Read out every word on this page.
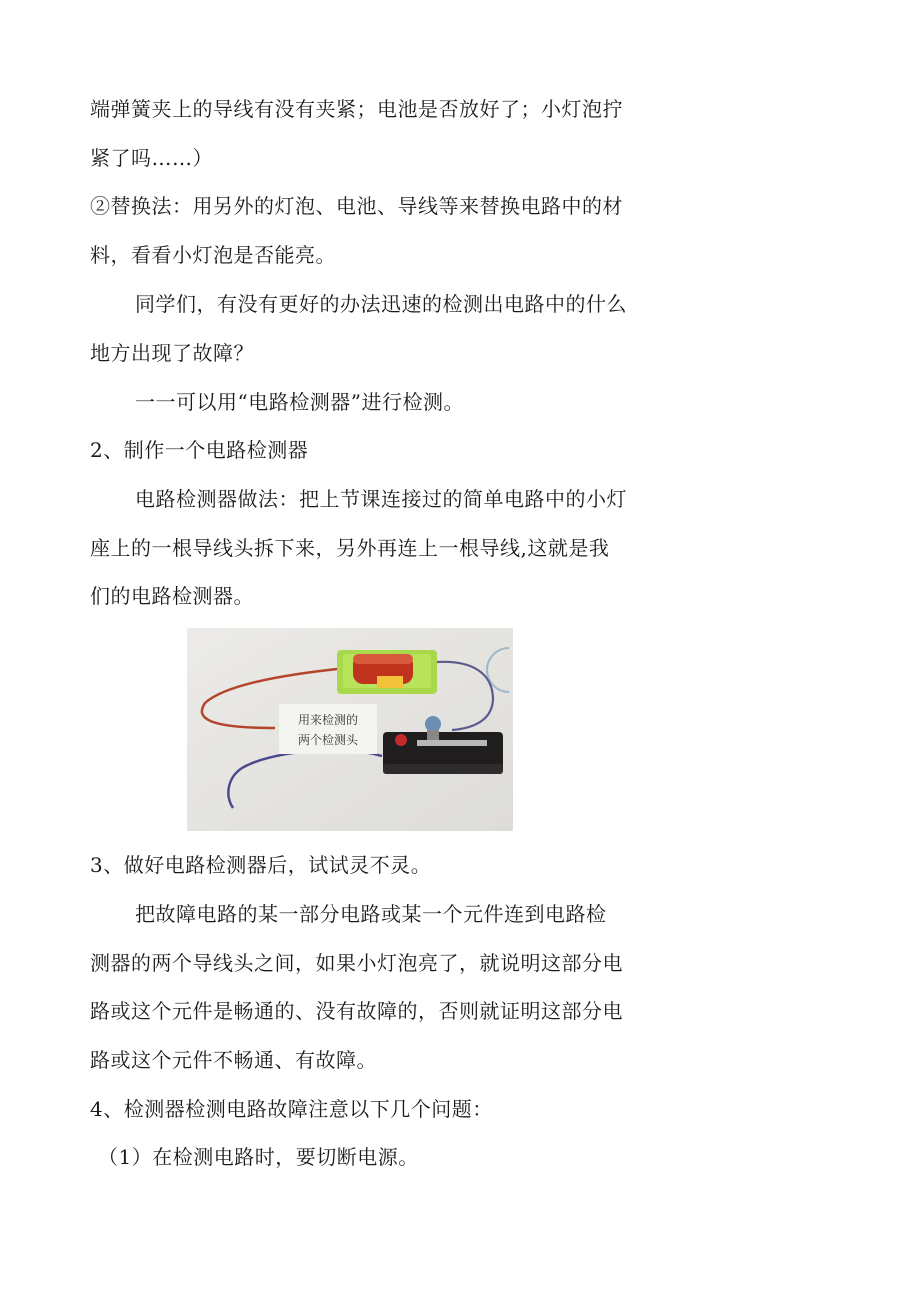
端弹簧夹上的导线有没有夹紧；电池是否放好了；小灯泡拧
紧了吗……）
②替换法：用另外的灯泡、电池、导线等来替换电路中的材
料，看看小灯泡是否能亮。
同学们，有没有更好的办法迅速的检测出电路中的什么
地方出现了故障？
一一可以用“电路检测器”进行检测。
2、制作一个电路检测器
电路检测器做法：把上节课连接过的简单电路中的小灯
座上的一根导线头拆下来，另外再连上一根导线,这就是我
们的电路检测器。
用来检测的
两个检测头
3、做好电路检测器后，试试灵不灵。
把故障电路的某一部分电路或某一个元件连到电路检
测器的两个导线头之间，如果小灯泡亮了，就说明这部分电
路或这个元件是畅通的、没有故障的，否则就证明这部分电
路或这个元件不畅通、有故障。
4、检测器检测电路故障注意以下几个问题：
（1）在检测电路时，要切断电源。
